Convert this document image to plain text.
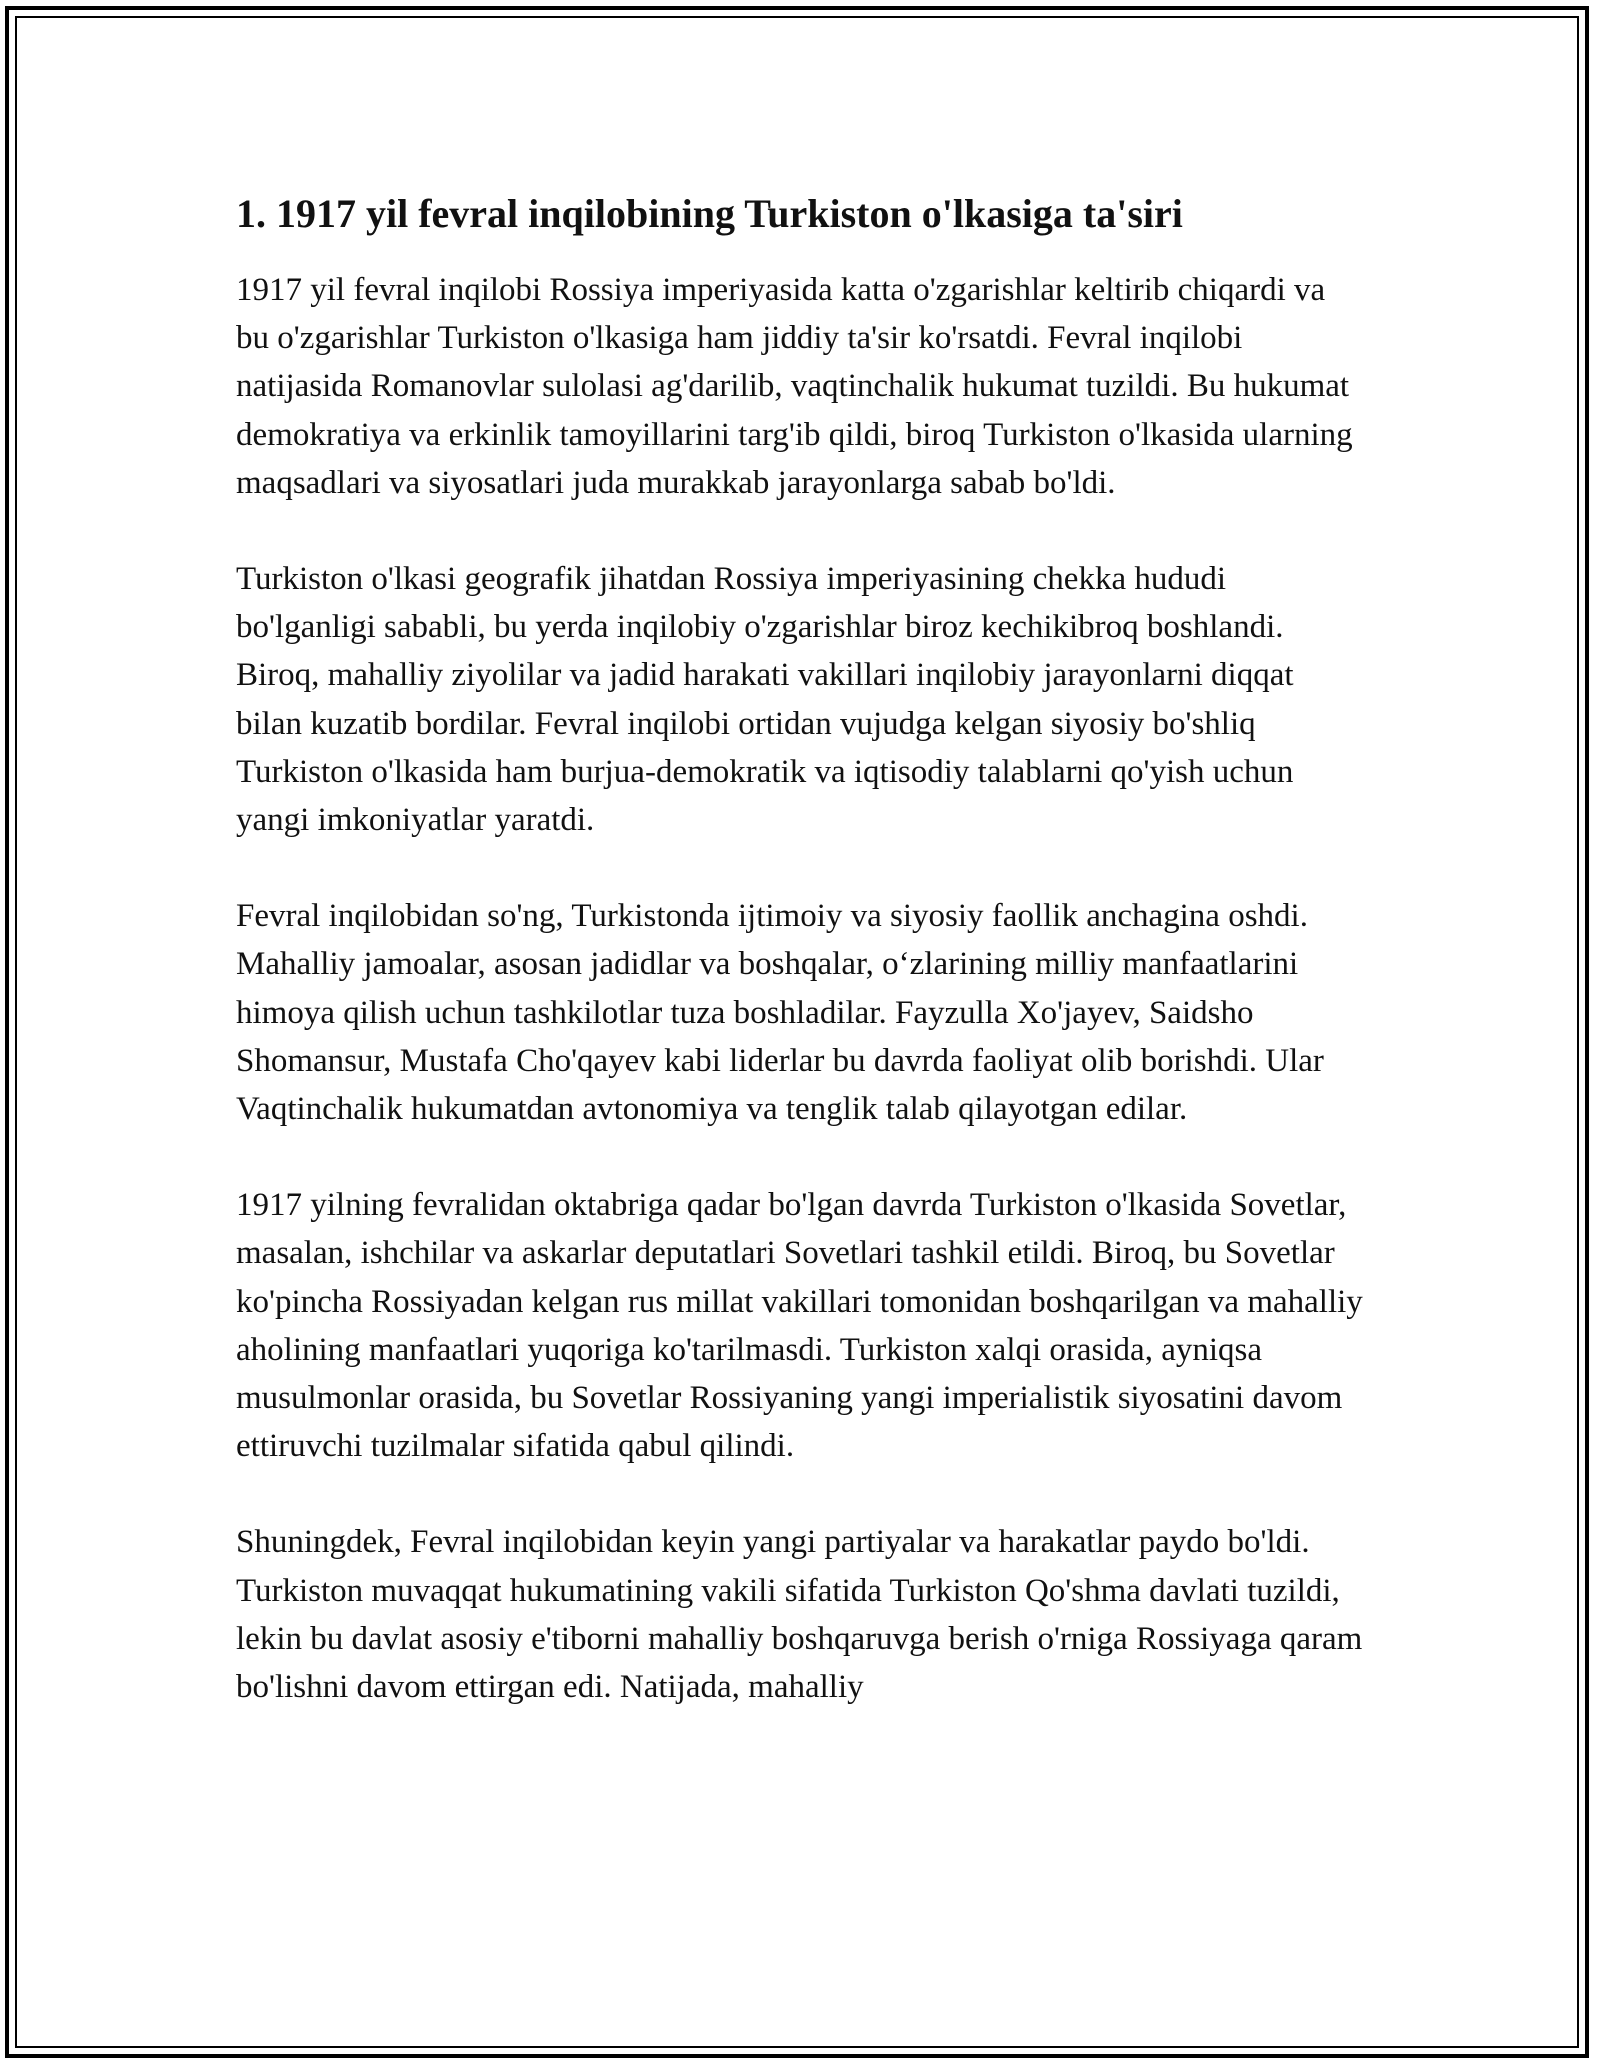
1. 1917 yil fevral inqilobining Turkiston o'lkasiga ta'siri

1917 yil fevral inqilobi Rossiya imperiyasida katta o'zgarishlar keltirib chiqardi va bu o'zgarishlar Turkiston o'lkasiga ham jiddiy ta'sir ko'rsatdi. Fevral inqilobi natijasida Romanovlar sulolasi ag'darilib, vaqtinchalik hukumat tuzildi. Bu hukumat demokratiya va erkinlik tamoyillarini targ'ib qildi, biroq Turkiston o'lkasida ularning maqsadlari va siyosatlari juda murakkab jarayonlarga sabab bo'ldi.

Turkiston o'lkasi geografik jihatdan Rossiya imperiyasining chekka hududi bo'lganligi sababli, bu yerda inqilobiy o'zgarishlar biroz kechikibroq boshlandi. Biroq, mahalliy ziyolilar va jadid harakati vakillari inqilobiy jarayonlarni diqqat bilan kuzatib bordilar. Fevral inqilobi ortidan vujudga kelgan siyosiy bo'shliq Turkiston o'lkasida ham burjua-demokratik va iqtisodiy talablarni qo'yish uchun yangi imkoniyatlar yaratdi.

Fevral inqilobidan so'ng, Turkistonda ijtimoiy va siyosiy faollik anchagina oshdi. Mahalliy jamoalar, asosan jadidlar va boshqalar, o‘zlarining milliy manfaatlarini himoya qilish uchun tashkilotlar tuza boshladilar. Fayzulla Xo'jayev, Saidsho Shomansur, Mustafa Cho'qayev kabi liderlar bu davrda faoliyat olib borishdi. Ular Vaqtinchalik hukumatdan avtonomiya va tenglik talab qilayotgan edilar.

1917 yilning fevralidan oktabriga qadar bo'lgan davrda Turkiston o'lkasida Sovetlar, masalan, ishchilar va askarlar deputatlari Sovetlari tashkil etildi. Biroq, bu Sovetlar ko'pincha Rossiyadan kelgan rus millat vakillari tomonidan boshqarilgan va mahalliy aholining manfaatlari yuqoriga ko'tarilmasdi. Turkiston xalqi orasida, ayniqsa musulmonlar orasida, bu Sovetlar Rossiyaning yangi imperialistik siyosatini davom ettiruvchi tuzilmalar sifatida qabul qilindi.

Shuningdek, Fevral inqilobidan keyin yangi partiyalar va harakatlar paydo bo'ldi. Turkiston muvaqqat hukumatining vakili sifatida Turkiston Qo'shma davlati tuzildi, lekin bu davlat asosiy e'tiborni mahalliy boshqaruvga berish o'rniga Rossiyaga qaram bo'lishni davom ettirgan edi. Natijada, mahalliy
